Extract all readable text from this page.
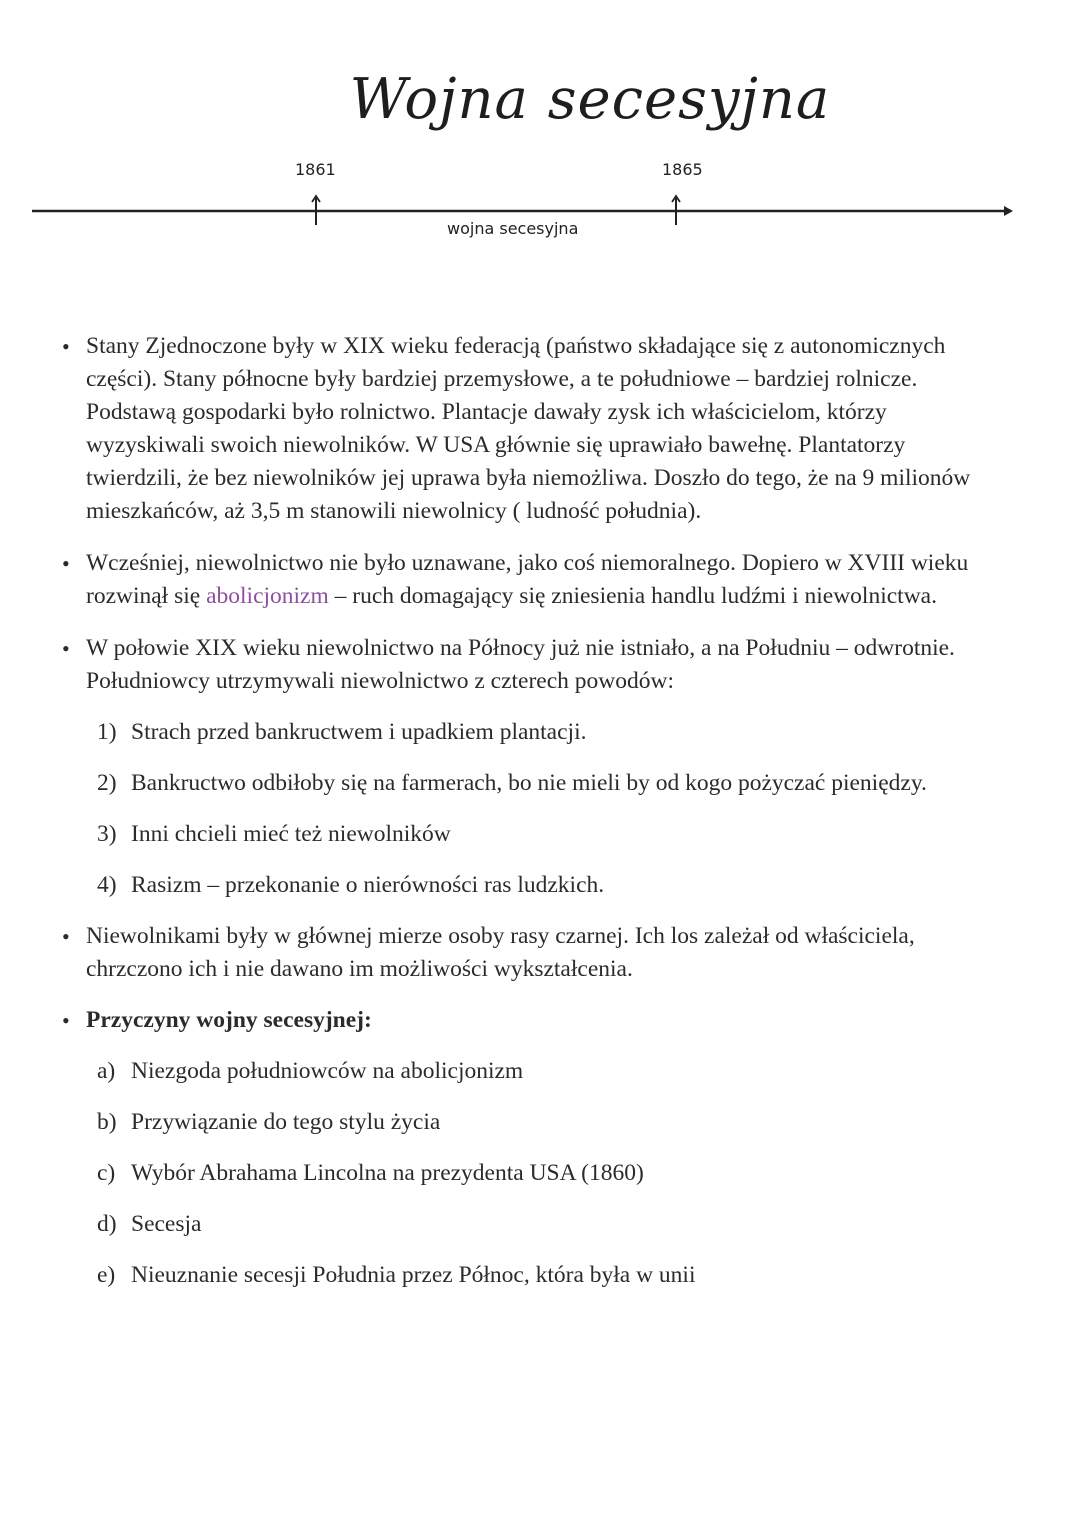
Wojna secesyjna
1861	1865
wojna secesyjna
• Stany Zjednoczone były w XIX wieku federacją (państwo składające się z autonomicznych części). Stany północne były bardziej przemysłowe, a te południowe – bardziej rolnicze. Podstawą gospodarki było rolnictwo. Plantacje dawały zysk ich właścicielom, którzy wyzyskiwali swoich niewolników. W USA głównie się uprawiało bawełnę. Plantatorzy twierdzili, że bez niewolników jej uprawa była niemożliwa. Doszło do tego, że na 9 milionów mieszkańców, aż 3,5 m stanowili niewolnicy ( ludność południa).
• Wcześniej, niewolnictwo nie było uznawane, jako coś niemoralnego. Dopiero w XVIII wieku rozwinął się abolicjonizm – ruch domagający się zniesienia handlu ludźmi i niewolnictwa.
• W połowie XIX wieku niewolnictwo na Północy już nie istniało, a na Południu – odwrotnie. Południowcy utrzymywali niewolnictwo z czterech powodów:
1) Strach przed bankructwem i upadkiem plantacji.
2) Bankructwo odbiłoby się na farmerach, bo nie mieli by od kogo pożyczać pieniędzy.
3) Inni chcieli mieć też niewolników
4) Rasizm – przekonanie o nierówności ras ludzkich.
• Niewolnikami były w głównej mierze osoby rasy czarnej. Ich los zależał od właściciela, chrzczono ich i nie dawano im możliwości wykształcenia.
• Przyczyny wojny secesyjnej:
a) Niezgoda południowców na abolicjonizm
b) Przywiązanie do tego stylu życia
c) Wybór Abrahama Lincolna na prezydenta USA (1860)
d) Secesja
e) Nieuznanie secesji Południa przez Północ, która była w unii
